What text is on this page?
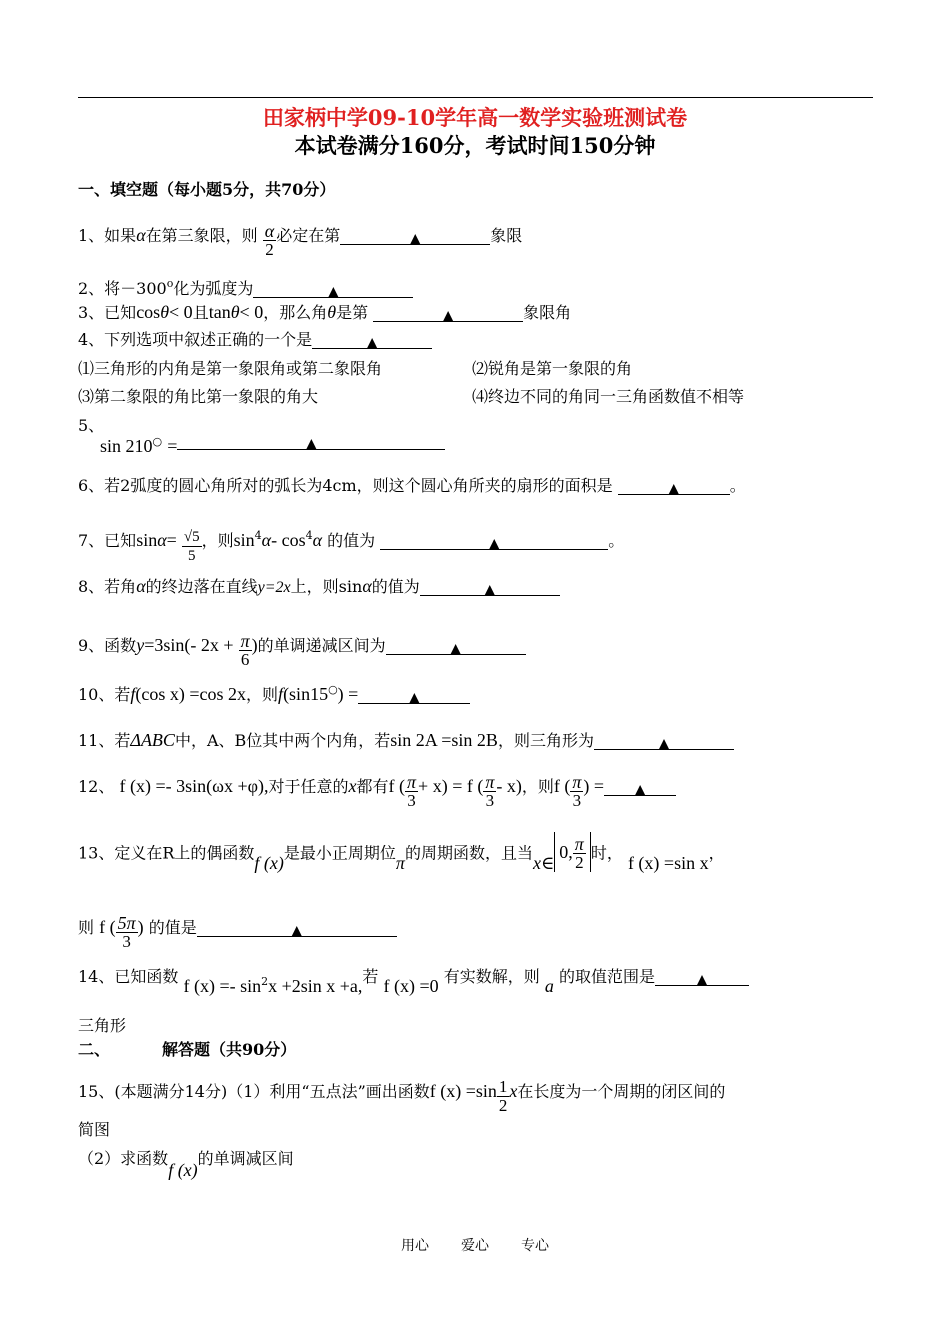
田家柄中学09-10学年高一数学实验班测试卷
本试卷满分160分，考试时间150分钟
一、填空题（每小题5分，共70分）
1、如果α在第三象限，则 $\frac{\alpha}{2}$ 必定在第	▲	象限
2、将$-300^o$化为弧度为	▲
3、已知cosθ< 0且tanθ< 0，那么角θ是第	▲	象限角
4、下列选项中叙述正确的一个是	▲
⑴三角形的内角是第一象限角或第二象限角	⑵锐角是第一象限的角
⑶第二象限的角比第一象限的角大	⑷终边不同的角同一三角函数值不相等
5、
sin 210○ =	▲
6、若2弧度的圆心角所对的弧长为4cm，则这个圆心角所夹的扇形的面积是	▲	。
7、已知$\sin\alpha= \frac{√5}{5}$ ，则$\sin^4\alpha-$ $\cos^4\alpha$ 的值为	▲	。
8、若角α的终边落在直线y=2x上，则sinα的值为	▲
9、函数y=3sin(- $2x + \frac{\pi}{6}$ )的单调递减区间为	▲
10、若f(cos x) =cos 2x，则f(sin15○) =	▲
11、若ΔABC中，A、B位其中两个内角，若sin 2A =sin 2B，则三角形为	▲
12、 f (x) =- 3sin(ωx +φ),对于任意的x都有f ( $\frac{\pi}{3} + x) = f$ ( $\frac{\pi}{3} - x$)，则f ( $\frac{\pi}{3}$ ) = ▲
13、定义在R上的偶函数f (x)是最小正周期位π的周期函数，且当x∈0, $\frac{\pi}{2}$ 时， f (x) =sin x，
则 f ( $\frac{5\pi}{3}$ ) 的值是	▲
14、已知函数 f $(x) =- \sin^2x +2\sin$ x +a,若 f (x) =0 有实数解，则 a 的取值范围是	▲
三角形
二、	解答题（共90分）
15、(本题满分14分)（1）利用“五点法”画出函数f $(x) =\sin \frac{1}{2}$ x在长度为一个周期的闭区间的
简图
（2）求函数f (x)的单调减区间
用心 爱心 专心
